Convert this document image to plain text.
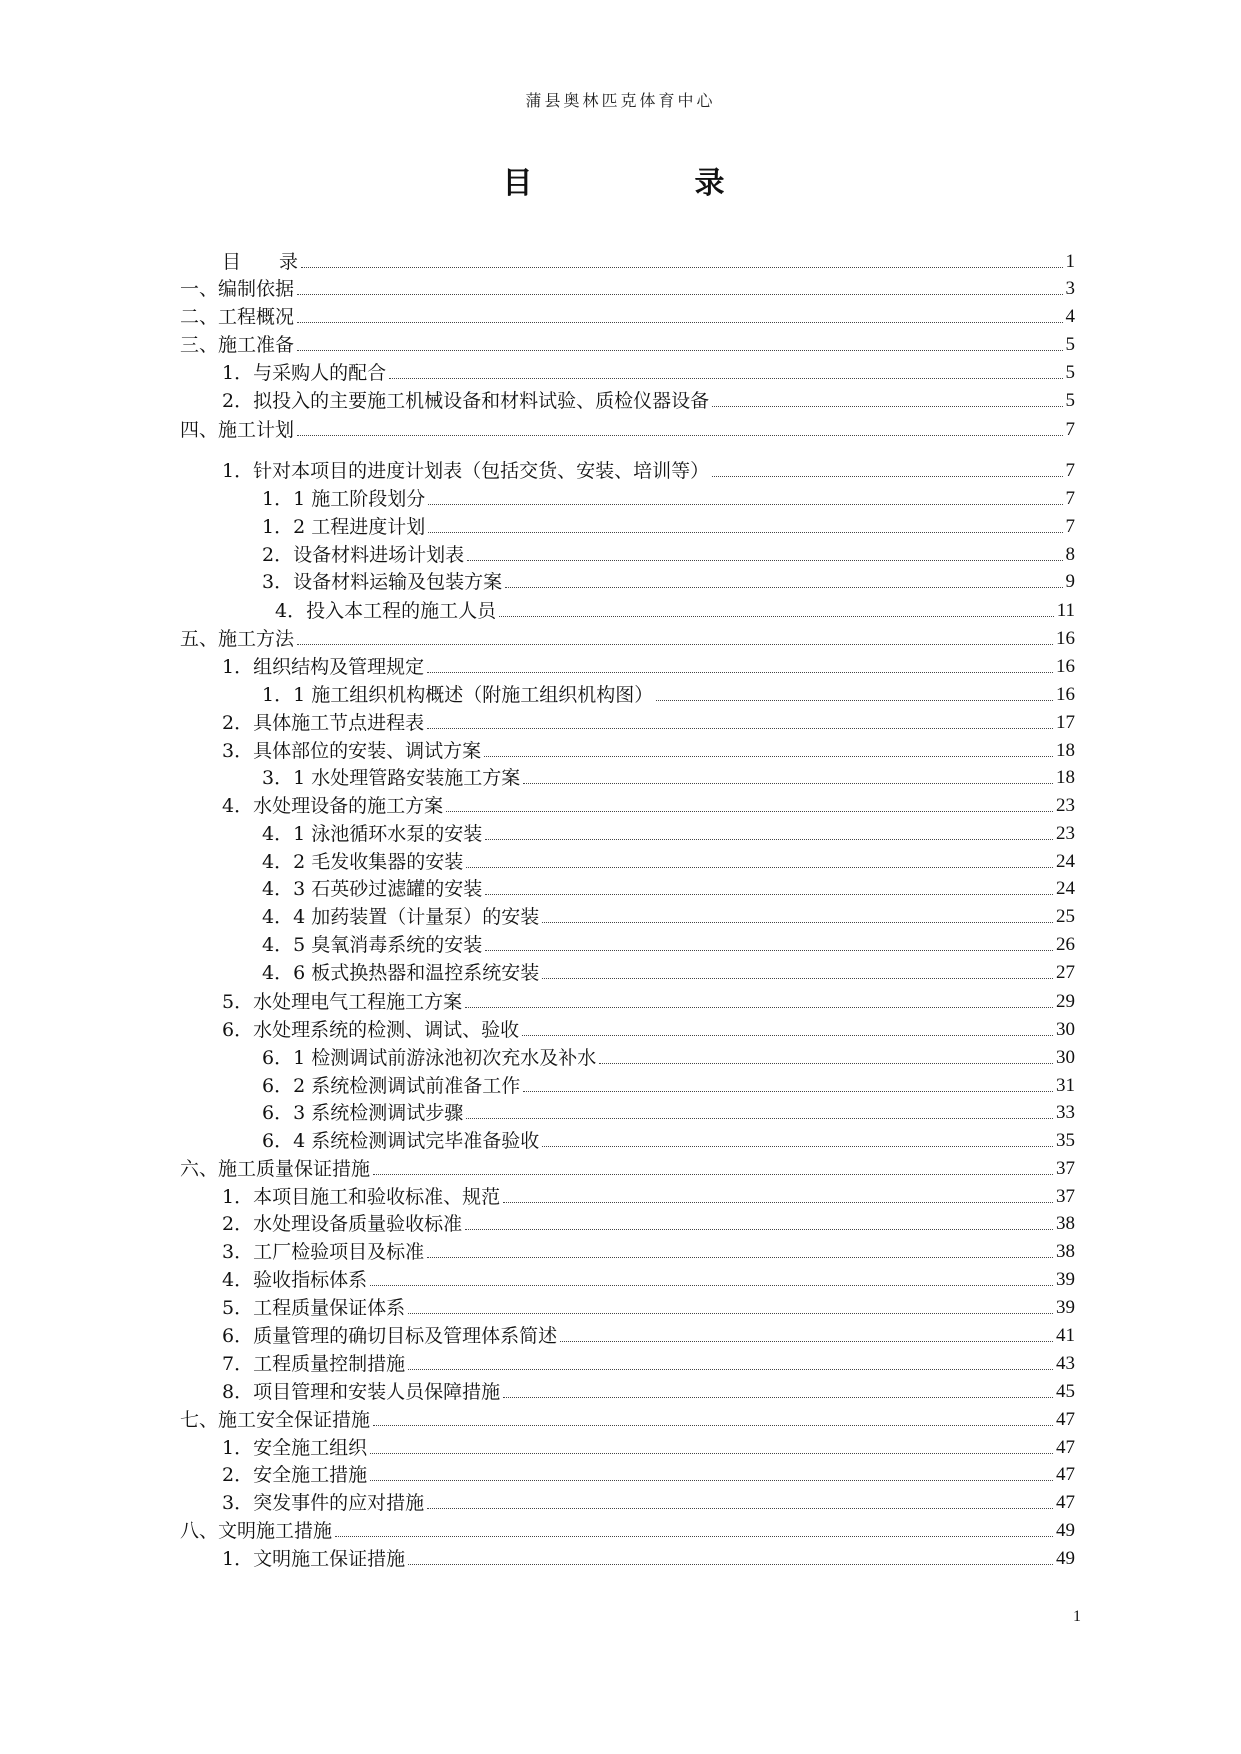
蒲县奥林匹克体育中心
目　　录
目　　录	1
一、编制依据	3
二、工程概况	4
三、施工准备	5
1．与采购人的配合	5
2．拟投入的主要施工机械设备和材料试验、质检仪器设备	5
四、施工计划	7
1．针对本项目的进度计划表（包括交货、安装、培训等）	7
1．1 施工阶段划分	7
1．2 工程进度计划	7
2．设备材料进场计划表	8
3．设备材料运输及包装方案	9
4．投入本工程的施工人员	11
五、施工方法	16
1．组织结构及管理规定	16
1．1 施工组织机构概述（附施工组织机构图）	16
2．具体施工节点进程表	17
3．具体部位的安装、调试方案	18
3．1 水处理管路安装施工方案	18
4．水处理设备的施工方案	23
4．1 泳池循环水泵的安装	23
4．2 毛发收集器的安装	24
4．3 石英砂过滤罐的安装	24
4．4 加药装置（计量泵）的安装	25
4．5 臭氧消毒系统的安装	26
4．6 板式换热器和温控系统安装	27
5．水处理电气工程施工方案	29
6．水处理系统的检测、调试、验收	30
6．1 检测调试前游泳池初次充水及补水	30
6．2 系统检测调试前准备工作	31
6．3 系统检测调试步骤	33
6．4 系统检测调试完毕准备验收	35
六、施工质量保证措施	37
1．本项目施工和验收标准、规范	37
2．水处理设备质量验收标准	38
3．工厂检验项目及标准	38
4．验收指标体系	39
5．工程质量保证体系	39
6．质量管理的确切目标及管理体系简述	41
7．工程质量控制措施	43
8．项目管理和安装人员保障措施	45
七、施工安全保证措施	47
1．安全施工组织	47
2．安全施工措施	47
3．突发事件的应对措施	47
八、文明施工措施	49
1．文明施工保证措施	49
1
